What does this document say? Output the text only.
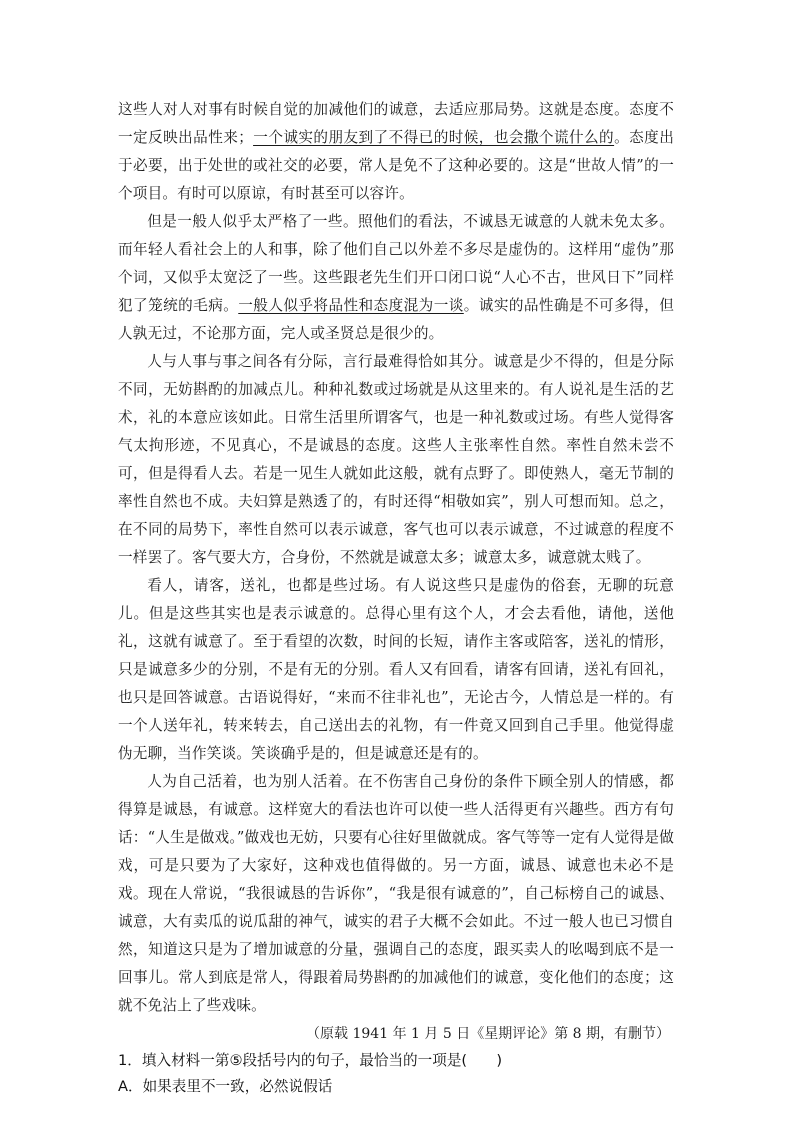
这些人对人对事有时候自觉的加减他们的诚意，去适应那局势。这就是态度。态度不一定反映出品性来；一个诚实的朋友到了不得已的时候，也会撒个谎什么的。态度出于必要，出于处世的或社交的必要，常人是免不了这种必要的。这是“世故人情”的一个项目。有时可以原谅，有时甚至可以容许。

但是一般人似乎太严格了一些。照他们的看法，不诚恳无诚意的人就未免太多。而年轻人看社会上的人和事，除了他们自己以外差不多尽是虚伪的。这样用“虚伪”那个词，又似乎太宽泛了一些。这些跟老先生们开口闭口说“人心不古，世风日下”同样犯了笼统的毛病。一般人似乎将品性和态度混为一谈。诚实的品性确是不可多得，但人孰无过，不论那方面，完人或圣贤总是很少的。

人与人事与事之间各有分际，言行最难得恰如其分。诚意是少不得的，但是分际不同，无妨斟酌的加减点儿。种种礼数或过场就是从这里来的。有人说礼是生活的艺术，礼的本意应该如此。日常生活里所谓客气，也是一种礼数或过场。有些人觉得客气太拘形迹，不见真心，不是诚恳的态度。这些人主张率性自然。率性自然未尝不可，但是得看人去。若是一见生人就如此这般，就有点野了。即使熟人，毫无节制的率性自然也不成。夫妇算是熟透了的，有时还得“相敬如宾”，别人可想而知。总之，在不同的局势下，率性自然可以表示诚意，客气也可以表示诚意，不过诚意的程度不一样罢了。客气要大方，合身份，不然就是诚意太多；诚意太多，诚意就太贱了。

看人，请客，送礼，也都是些过场。有人说这些只是虚伪的俗套，无聊的玩意儿。但是这些其实也是表示诚意的。总得心里有这个人，才会去看他，请他，送他礼，这就有诚意了。至于看望的次数，时间的长短，请作主客或陪客，送礼的情形，只是诚意多少的分别，不是有无的分别。看人又有回看，请客有回请，送礼有回礼，也只是回答诚意。古语说得好，“来而不往非礼也”，无论古今，人情总是一样的。有一个人送年礼，转来转去，自己送出去的礼物，有一件竟又回到自己手里。他觉得虚伪无聊，当作笑谈。笑谈确乎是的，但是诚意还是有的。

人为自己活着，也为别人活着。在不伤害自己身份的条件下顾全别人的情感，都得算是诚恳，有诚意。这样宽大的看法也许可以使一些人活得更有兴趣些。西方有句话：“人生是做戏。”做戏也无妨，只要有心往好里做就成。客气等等一定有人觉得是做戏，可是只要为了大家好，这种戏也值得做的。另一方面，诚恳、诚意也未必不是戏。现在人常说，“我很诚恳的告诉你”，“我是很有诚意的”，自己标榜自己的诚恳、诚意，大有卖瓜的说瓜甜的神气，诚实的君子大概不会如此。不过一般人也已习惯自然，知道这只是为了增加诚意的分量，强调自己的态度，跟买卖人的吆喝到底不是一回事儿。常人到底是常人，得跟着局势斟酌的加减他们的诚意，变化他们的态度；这就不免沾上了些戏味。

（原载 1941 年 1 月 5 日《星期评论》第 8 期，有删节）

1．填入材料一第⑤段括号内的句子，最恰当的一项是(　　)

A．如果表里不一致，必然说假话
